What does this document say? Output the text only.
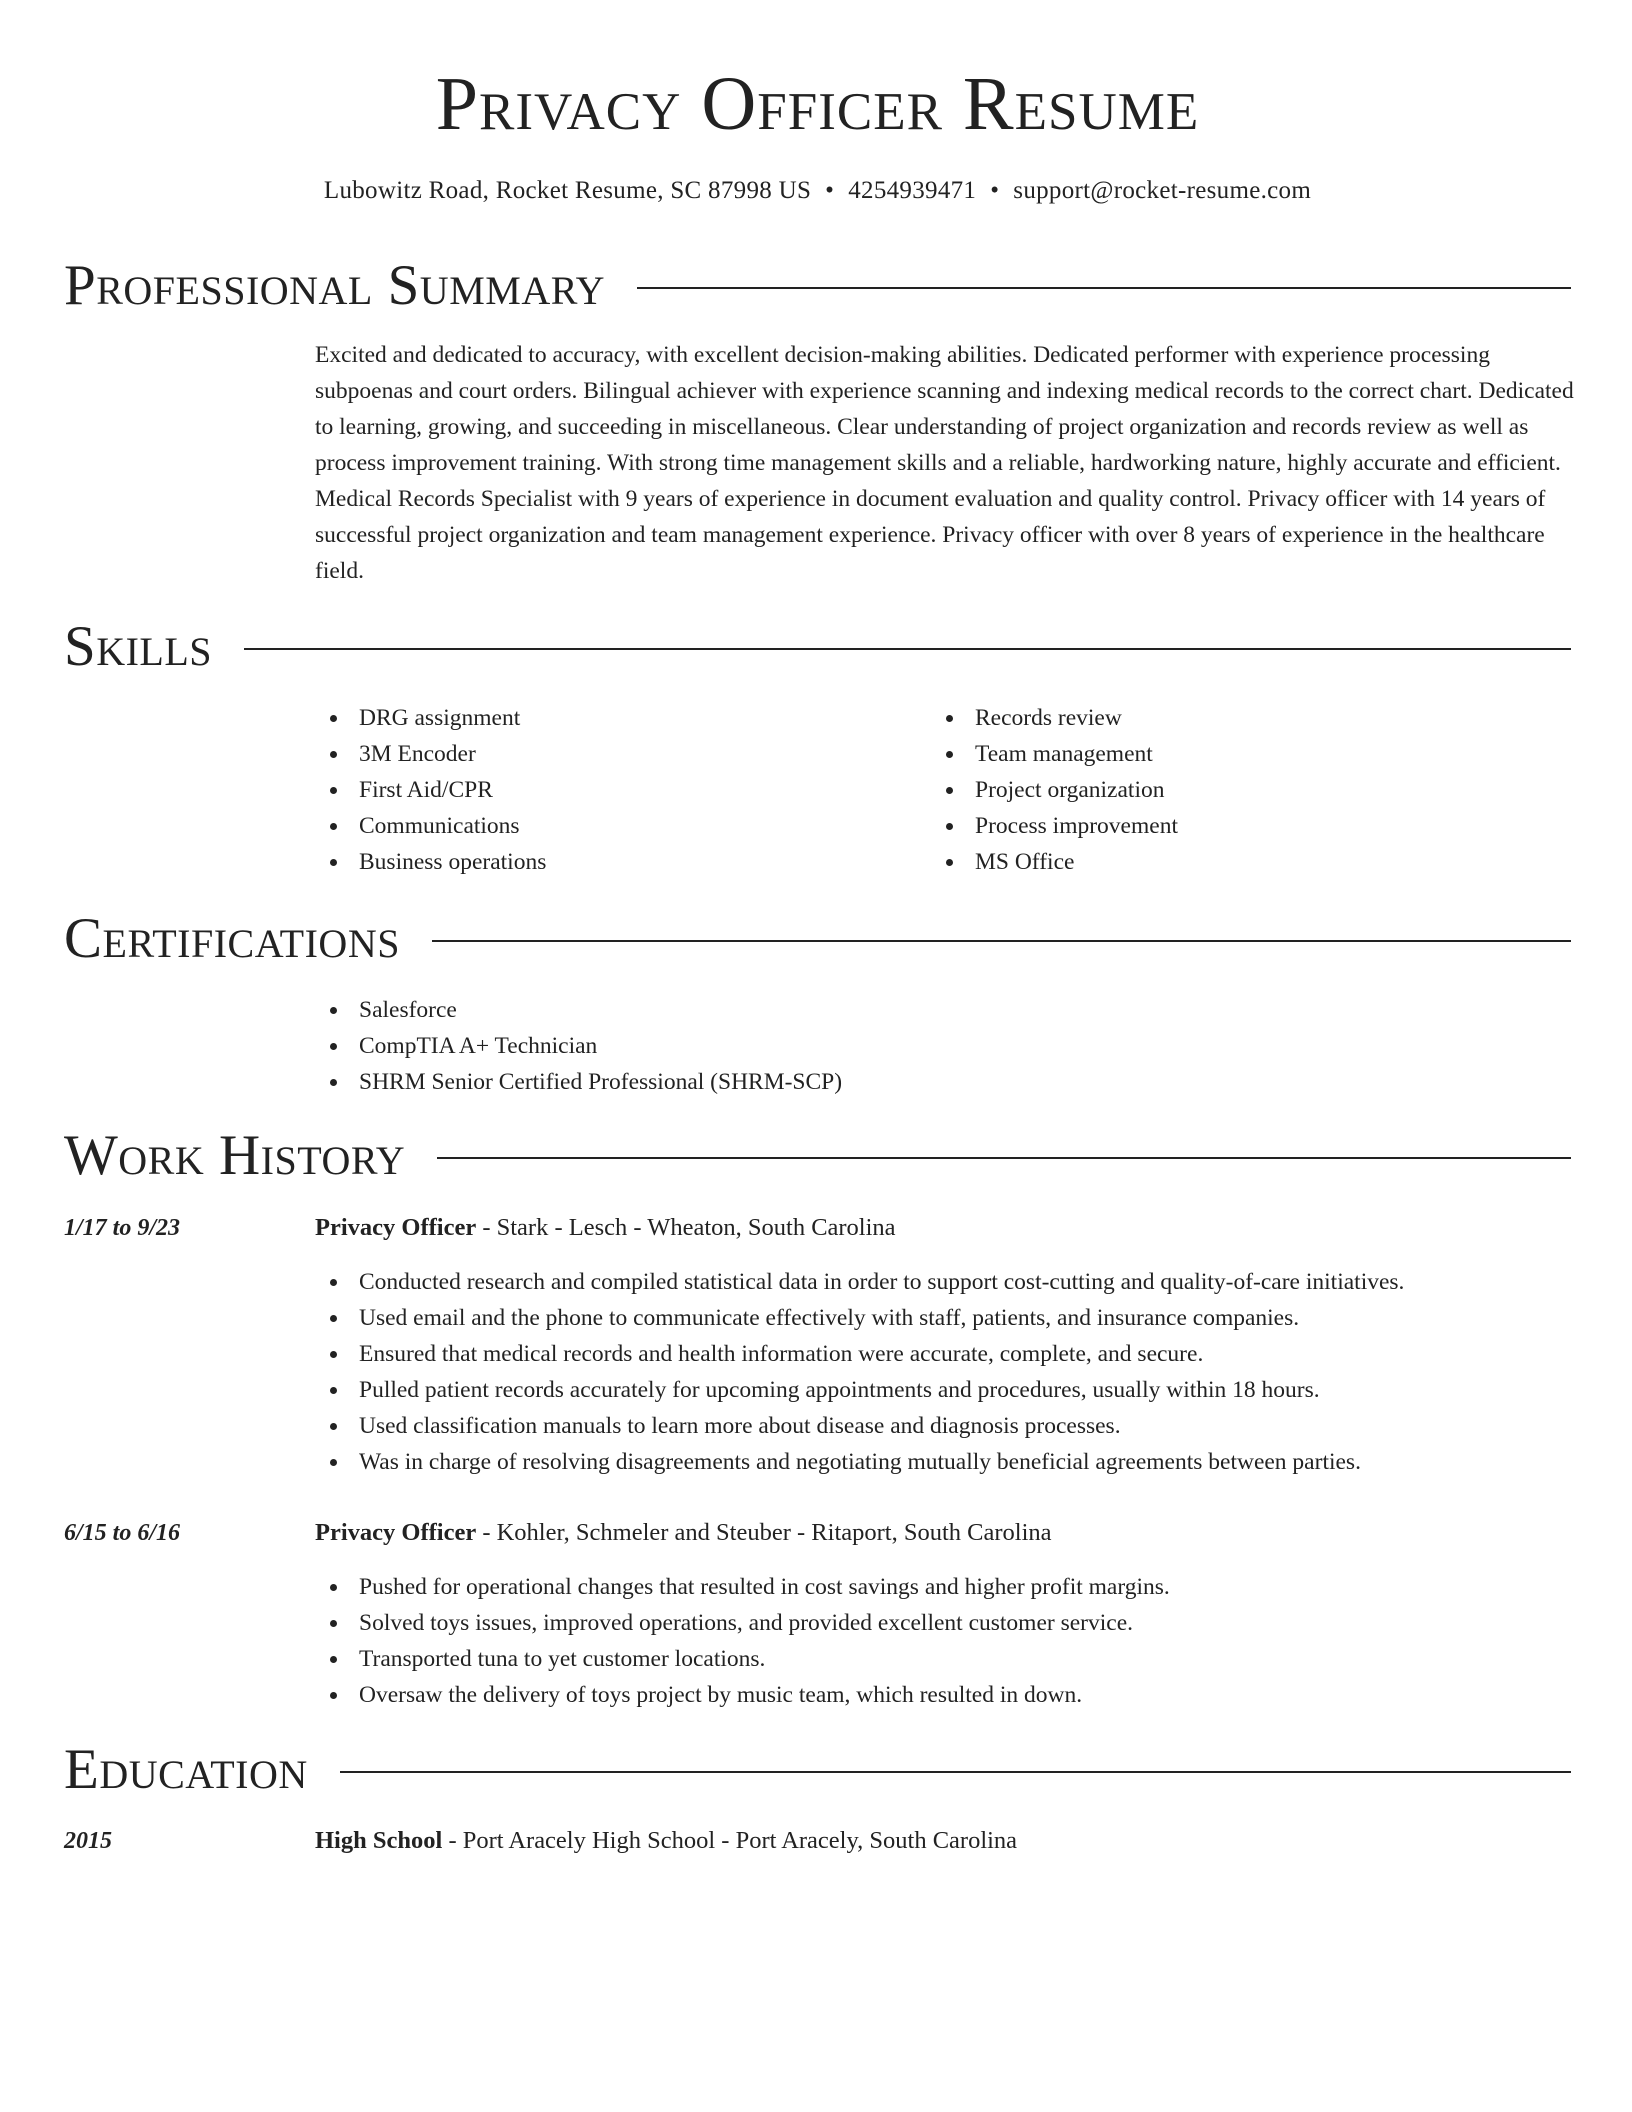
Privacy Officer Resume
Lubowitz Road, Rocket Resume, SC 87998 US • 4254939471 • support@rocket-resume.com
Professional Summary

Excited and dedicated to accuracy, with excellent decision-making abilities. Dedicated performer with experience processing subpoenas and court orders. Bilingual achiever with experience scanning and indexing medical records to the correct chart. Dedicated to learning, growing, and succeeding in miscellaneous. Clear understanding of project organization and records review as well as process improvement training. With strong time management skills and a reliable, hardworking nature, highly accurate and efficient. Medical Records Specialist with 9 years of experience in document evaluation and quality control. Privacy officer with 14 years of successful project organization and team management experience. Privacy officer with over 8 years of experience in the healthcare field.

Skills
DRG assignment
3M Encoder
First Aid/CPR
Communications
Business operations
Records review
Team management
Project organization
Process improvement
MS Office
Certifications
Salesforce
CompTIA A+ Technician
SHRM Senior Certified Professional (SHRM-SCP)
Work History
1/17 to 9/23	Privacy Officer - Stark - Lesch - Wheaton, South Carolina
Conducted research and compiled statistical data in order to support cost-cutting and quality-of-care initiatives.
Used email and the phone to communicate effectively with staff, patients, and insurance companies.
Ensured that medical records and health information were accurate, complete, and secure.
Pulled patient records accurately for upcoming appointments and procedures, usually within 18 hours.
Used classification manuals to learn more about disease and diagnosis processes.
Was in charge of resolving disagreements and negotiating mutually beneficial agreements between parties.
6/15 to 6/16	Privacy Officer - Kohler, Schmeler and Steuber - Ritaport, South Carolina
Pushed for operational changes that resulted in cost savings and higher profit margins.
Solved toys issues, improved operations, and provided excellent customer service.
Transported tuna to yet customer locations.
Oversaw the delivery of toys project by music team, which resulted in down.
Education
2015	High School - Port Aracely High School - Port Aracely, South Carolina
